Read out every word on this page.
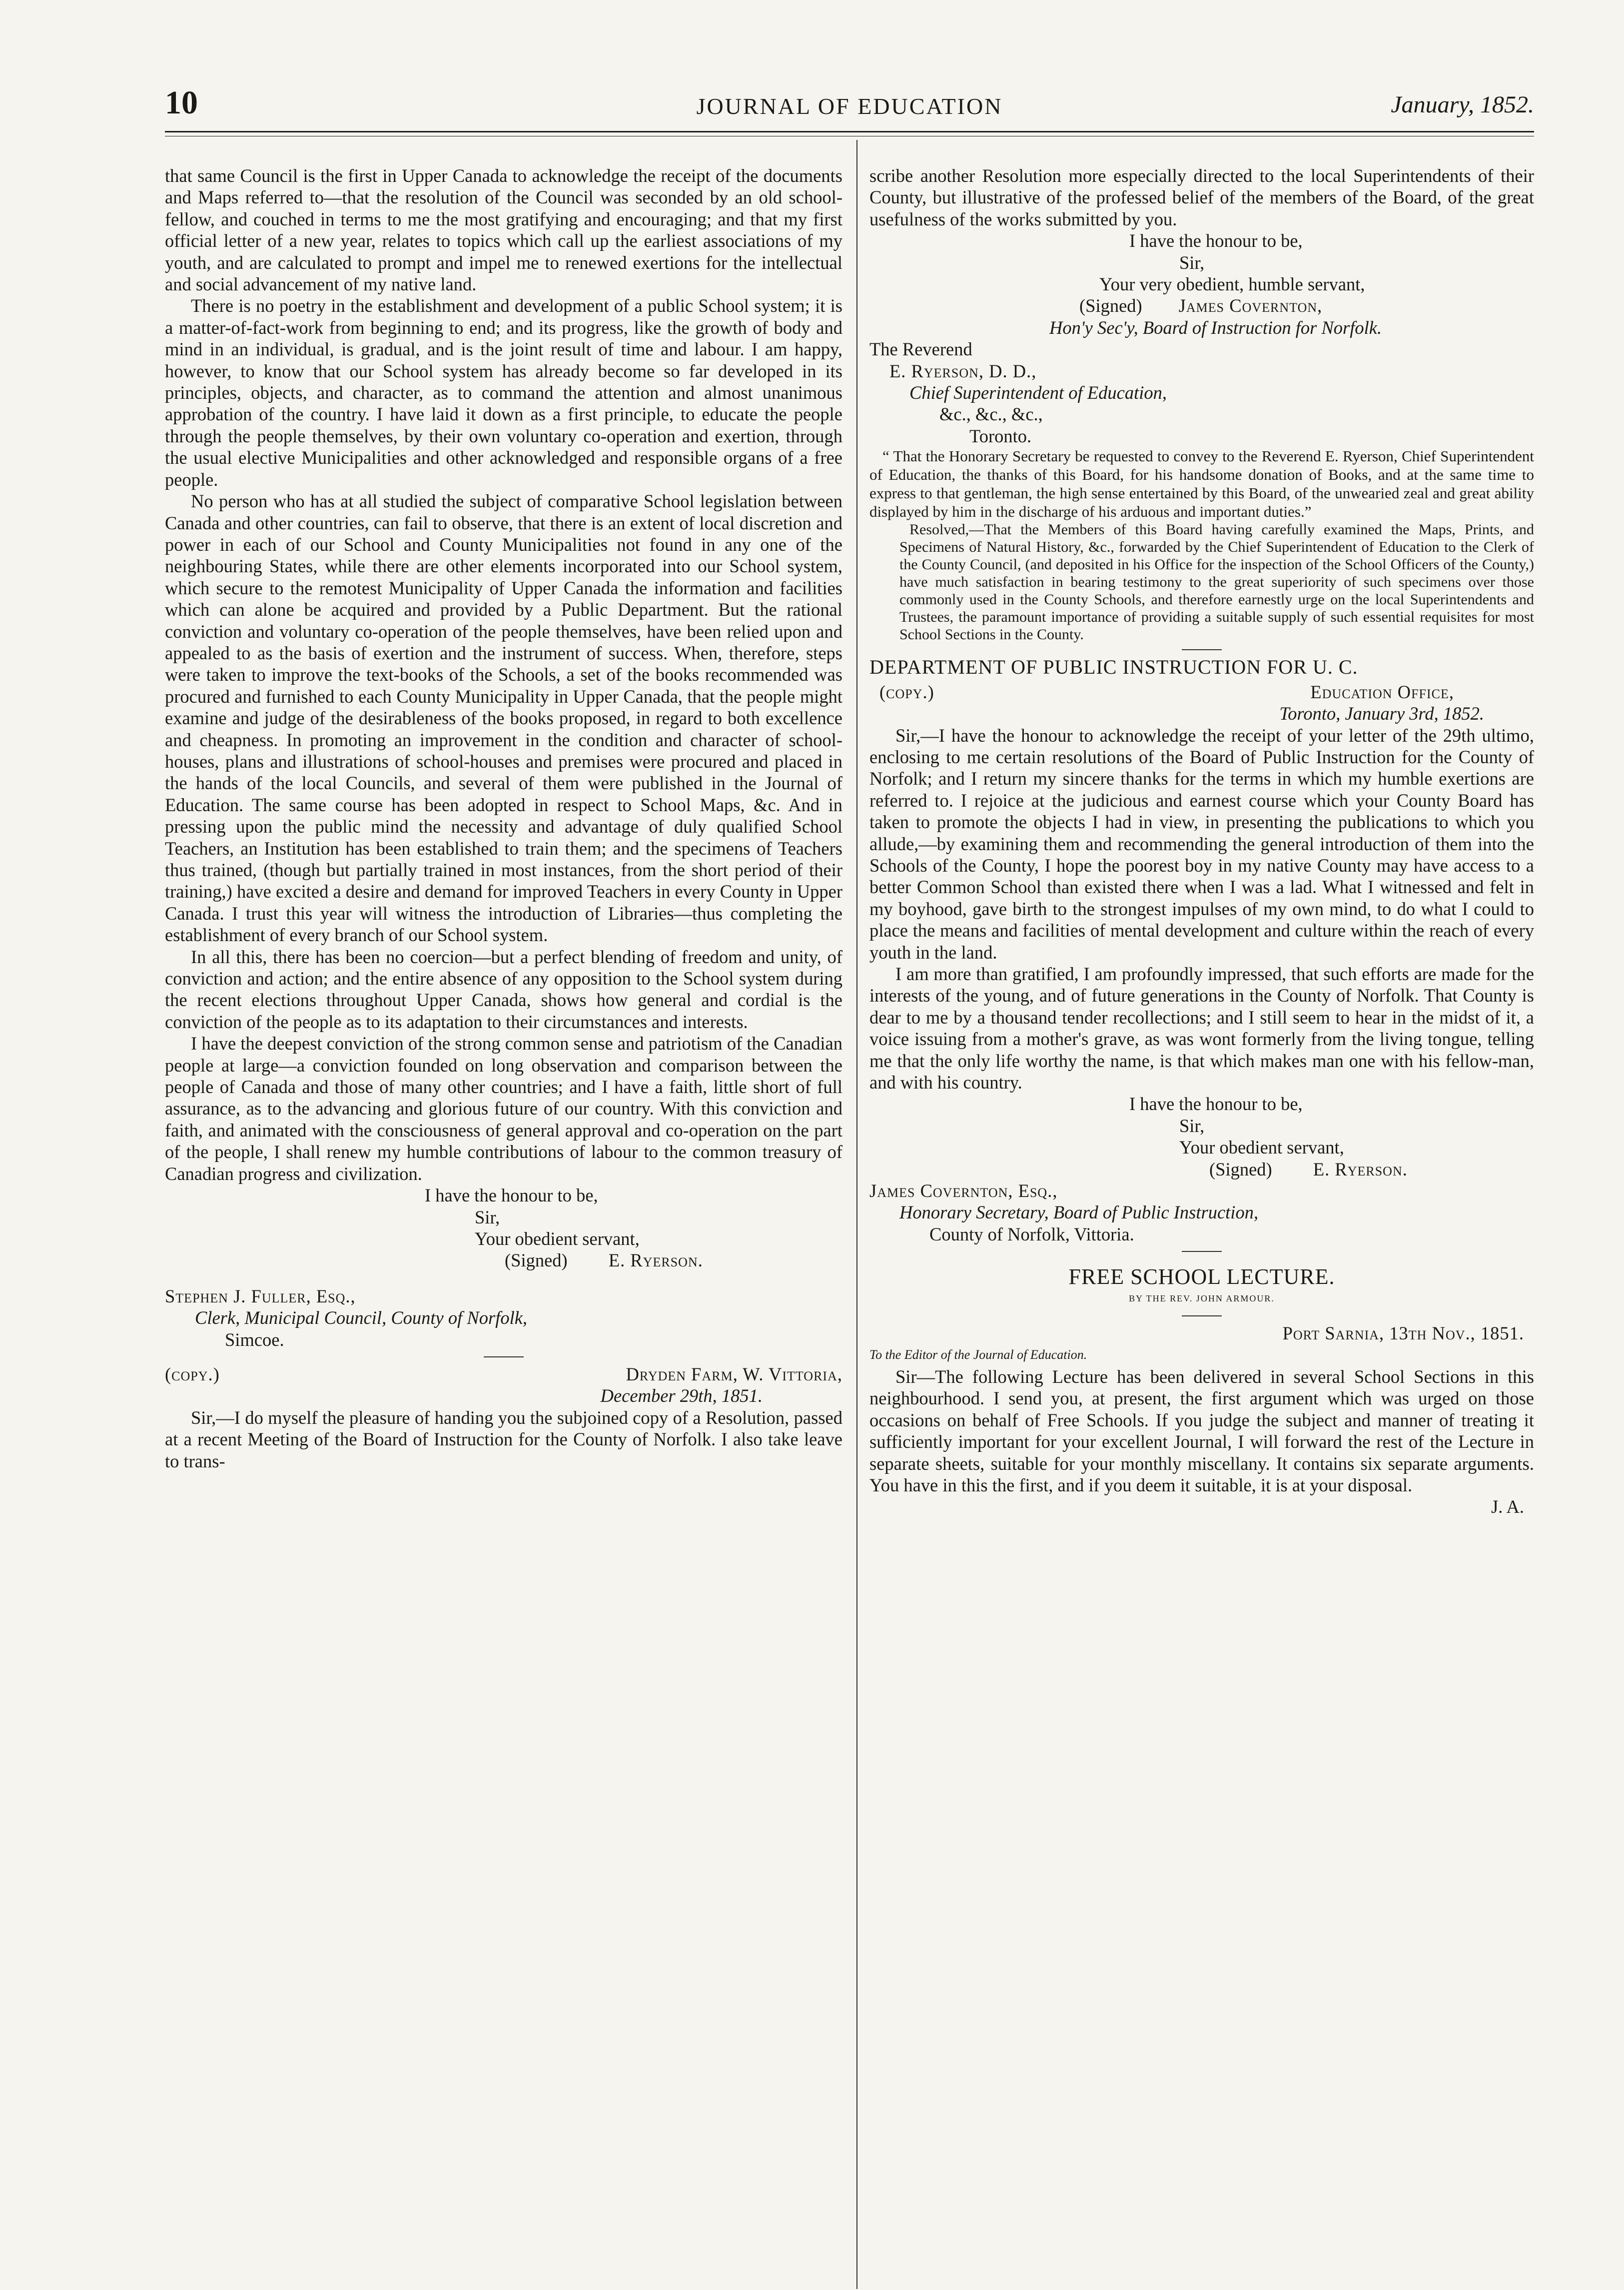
10	JOURNAL OF EDUCATION	January, 1852.

that same Council is the first in Upper Canada to acknowledge the receipt of the documents and Maps referred to—that the resolution of the Council was seconded by an old school-fellow, and couched in terms to me the most gratifying and encouraging; and that my first official letter of a new year, relates to topics which call up the earliest associations of my youth, and are calculated to prompt and impel me to renewed exertions for the intellectual and social advancement of my native land.

There is no poetry in the establishment and development of a public School system; it is a matter-of-fact-work from beginning to end; and its progress, like the growth of body and mind in an individual, is gradual, and is the joint result of time and labour. I am happy, however, to know that our School system has already become so far developed in its principles, objects, and character, as to command the attention and almost unanimous approbation of the country. I have laid it down as a first principle, to educate the people through the people themselves, by their own voluntary co-operation and exertion, through the usual elective Municipalities and other acknowledged and responsible organs of a free people.

No person who has at all studied the subject of comparative School legislation between Canada and other countries, can fail to observe, that there is an extent of local discretion and power in each of our School and County Municipalities not found in any one of the neighbouring States, while there are other elements incorporated into our School system, which secure to the remotest Municipality of Upper Canada the information and facilities which can alone be acquired and provided by a Public Department. But the rational conviction and voluntary co-operation of the people themselves, have been relied upon and appealed to as the basis of exertion and the instrument of success. When, therefore, steps were taken to improve the text-books of the Schools, a set of the books recommended was procured and furnished to each County Municipality in Upper Canada, that the people might examine and judge of the desirableness of the books proposed, in regard to both excellence and cheapness. In promoting an improvement in the condition and character of school-houses, plans and illustrations of school-houses and premises were procured and placed in the hands of the local Councils, and several of them were published in the Journal of Education. The same course has been adopted in respect to School Maps, &c. And in pressing upon the public mind the necessity and advantage of duly qualified School Teachers, an Institution has been established to train them; and the specimens of Teachers thus trained, (though but partially trained in most instances, from the short period of their training,) have excited a desire and demand for improved Teachers in every County in Upper Canada. I trust this year will witness the introduction of Libraries—thus completing the establishment of every branch of our School system.

In all this, there has been no coercion—but a perfect blending of freedom and unity, of conviction and action; and the entire absence of any opposition to the School system during the recent elections throughout Upper Canada, shows how general and cordial is the conviction of the people as to its adaptation to their circumstances and interests.

I have the deepest conviction of the strong common sense and patriotism of the Canadian people at large—a conviction founded on long observation and comparison between the people of Canada and those of many other countries; and I have a faith, little short of full assurance, as to the advancing and glorious future of our country. With this conviction and faith, and animated with the consciousness of general approval and co-operation on the part of the people, I shall renew my humble contributions of labour to the common treasury of Canadian progress and civilization.

I have the honour to be,

Sir,

Your obedient servant,

(Signed) E. Ryerson.

Stephen J. Fuller, Esq.,

Clerk, Municipal Council, County of Norfolk,

Simcoe.

(copy.)	Dryden Farm, W. Vittoria,

December 29th, 1851.

Sir,—I do myself the pleasure of handing you the subjoined copy of a Resolution, passed at a recent Meeting of the Board of Instruction for the County of Norfolk. I also take leave to trans-

scribe another Resolution more especially directed to the local Superintendents of their County, but illustrative of the professed belief of the members of the Board, of the great usefulness of the works submitted by you.

I have the honour to be,

Sir,

Your very obedient, humble servant,

(Signed) James Covernton,

Hon'y Sec'y, Board of Instruction for Norfolk.

The Reverend

E. Ryerson, D. D.,

Chief Superintendent of Education,

&c., &c., &c.,

Toronto.

“ That the Honorary Secretary be requested to convey to the Reverend E. Ryerson, Chief Superintendent of Education, the thanks of this Board, for his handsome donation of Books, and at the same time to express to that gentleman, the high sense entertained by this Board, of the unwearied zeal and great ability displayed by him in the discharge of his arduous and important duties.”

Resolved,—That the Members of this Board having carefully examined the Maps, Prints, and Specimens of Natural History, &c., forwarded by the Chief Superintendent of Education to the Clerk of the County Council, (and deposited in his Office for the inspection of the School Officers of the County,) have much satisfaction in bearing testimony to the great superiority of such specimens over those commonly used in the County Schools, and therefore earnestly urge on the local Superintendents and Trustees, the paramount importance of providing a suitable supply of such essential requisites for most School Sections in the County.

DEPARTMENT OF PUBLIC INSTRUCTION FOR U. C.

(copy.)	Education Office,

Toronto, January 3rd, 1852.

Sir,—I have the honour to acknowledge the receipt of your letter of the 29th ultimo, enclosing to me certain resolutions of the Board of Public Instruction for the County of Norfolk; and I return my sincere thanks for the terms in which my humble exertions are referred to. I rejoice at the judicious and earnest course which your County Board has taken to promote the objects I had in view, in presenting the publications to which you allude,—by examining them and recommending the general introduction of them into the Schools of the County, I hope the poorest boy in my native County may have access to a better Common School than existed there when I was a lad. What I witnessed and felt in my boyhood, gave birth to the strongest impulses of my own mind, to do what I could to place the means and facilities of mental development and culture within the reach of every youth in the land.

I am more than gratified, I am profoundly impressed, that such efforts are made for the interests of the young, and of future generations in the County of Norfolk. That County is dear to me by a thousand tender recollections; and I still seem to hear in the midst of it, a voice issuing from a mother's grave, as was wont formerly from the living tongue, telling me that the only life worthy the name, is that which makes man one with his fellow-man, and with his country.

I have the honour to be,

Sir,

Your obedient servant,

(Signed) E. Ryerson.

James Covernton, Esq.,

Honorary Secretary, Board of Public Instruction,

County of Norfolk, Vittoria.

FREE SCHOOL LECTURE.

BY THE REV. JOHN ARMOUR.

Port Sarnia, 13th Nov., 1851.

To the Editor of the Journal of Education.

Sir—The following Lecture has been delivered in several School Sections in this neighbourhood. I send you, at present, the first argument which was urged on those occasions on behalf of Free Schools. If you judge the subject and manner of treating it sufficiently important for your excellent Journal, I will forward the rest of the Lecture in separate sheets, suitable for your monthly miscellany. It contains six separate arguments. You have in this the first, and if you deem it suitable, it is at your disposal.

J. A.
